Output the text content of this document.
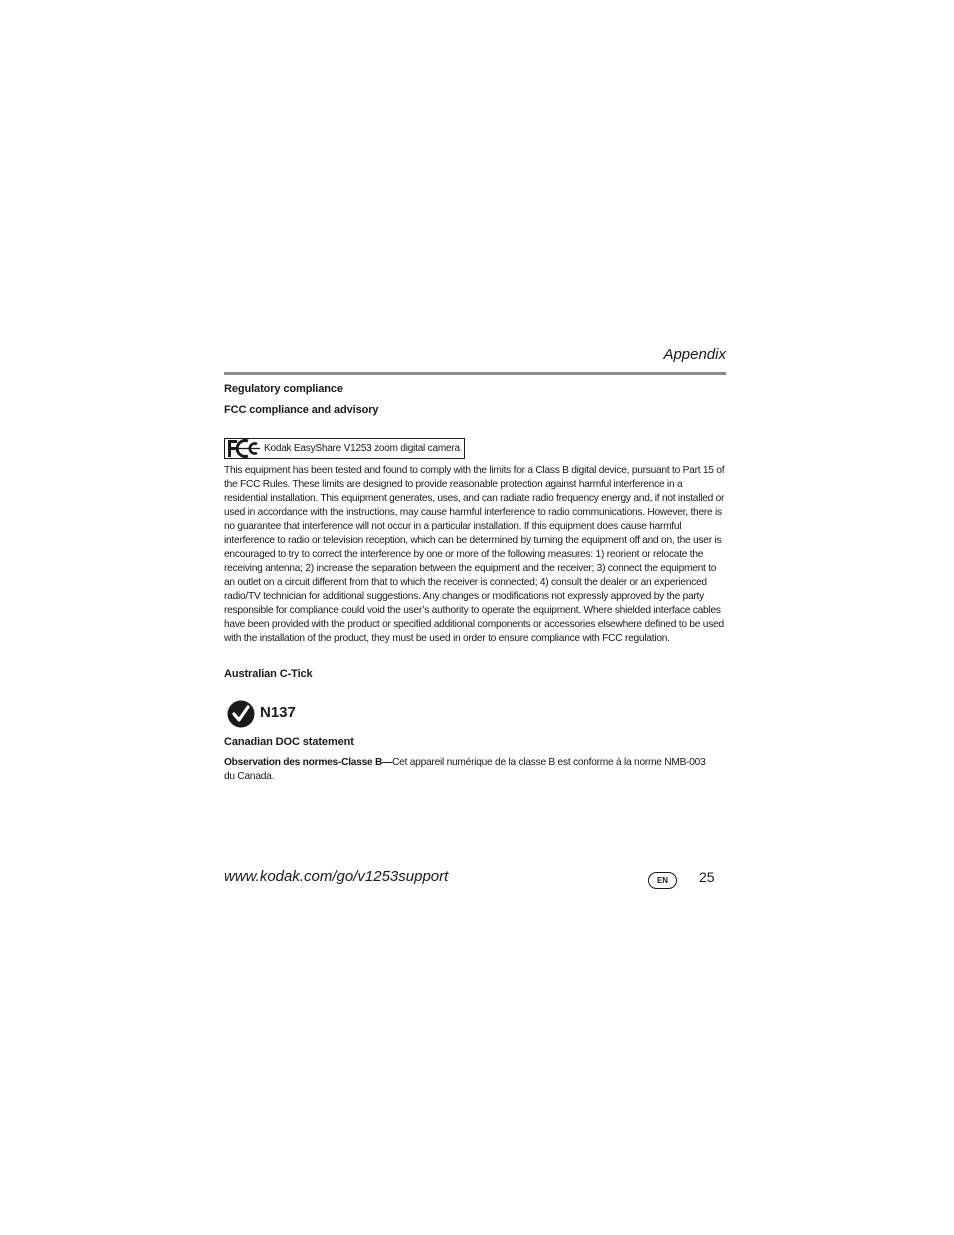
Appendix
Regulatory compliance
FCC compliance and advisory
Kodak EasyShare V1253 zoom digital camera
This equipment has been tested and found to comply with the limits for a Class B digital device, pursuant to Part 15 of the FCC Rules. These limits are designed to provide reasonable protection against harmful interference in a residential installation. This equipment generates, uses, and can radiate radio frequency energy and, if not installed or used in accordance with the instructions, may cause harmful interference to radio communications. However, there is no guarantee that interference will not occur in a particular installation. If this equipment does cause harmful interference to radio or television reception, which can be determined by turning the equipment off and on, the user is encouraged to try to correct the interference by one or more of the following measures: 1) reorient or relocate the receiving antenna; 2) increase the separation between the equipment and the receiver; 3) connect the equipment to an outlet on a circuit different from that to which the receiver is connected; 4) consult the dealer or an experienced radio/TV technician for additional suggestions. Any changes or modifications not expressly approved by the party responsible for compliance could void the user’s authority to operate the equipment. Where shielded interface cables have been provided with the product or specified additional components or accessories elsewhere defined to be used with the installation of the product, they must be used in order to ensure compliance with FCC regulation.
Australian C-Tick
N137
Canadian DOC statement
Observation des normes-Classe B—Cet appareil numérique de la classe B est conforme à la norme NMB-003 du Canada.
www.kodak.com/go/v1253support	EN	25
